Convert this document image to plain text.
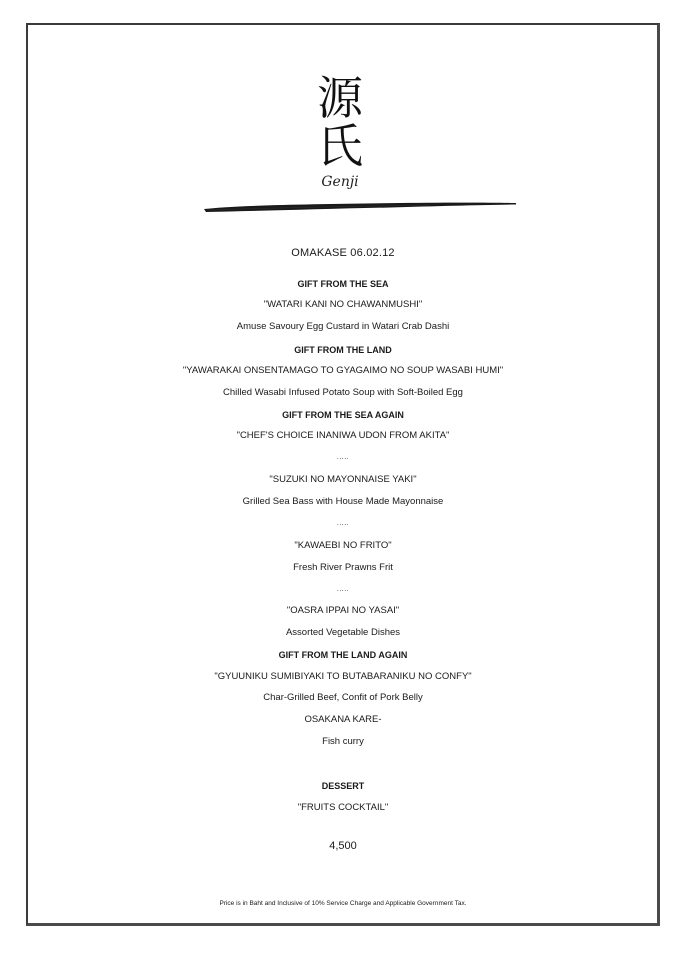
源
氏
Genji
OMAKASE 06.02.12
4,500
Price is in Baht and Inclusive of 10% Service Charge and Applicable Government Tax.
GIFT FROM THE SEA
"WATARI KANI NO CHAWANMUSHI"
Amuse Savoury Egg Custard in Watari Crab Dashi
GIFT FROM THE LAND
"YAWARAKAI ONSENTAMAGO TO GYAGAIMO NO SOUP WASABI HUMI"
Chilled Wasabi Infused Potato Soup with Soft-Boiled Egg
GIFT FROM THE SEA AGAIN
"CHEF'S CHOICE INANIWA UDON FROM AKITA"
.....
"SUZUKI NO MAYONNAISE YAKI"
Grilled Sea Bass with House Made Mayonnaise
.....
"KAWAEBI NO FRITO"
Fresh River Prawns Frit
.....
"OASRA IPPAI NO YASAI"
Assorted Vegetable Dishes
GIFT FROM THE LAND AGAIN
"GYUUNIKU SUMIBIYAKI TO BUTABARANIKU NO CONFY"
Char-Grilled Beef, Confit of Pork Belly
OSAKANA KARE-
Fish curry
DESSERT
"FRUITS COCKTAIL"
